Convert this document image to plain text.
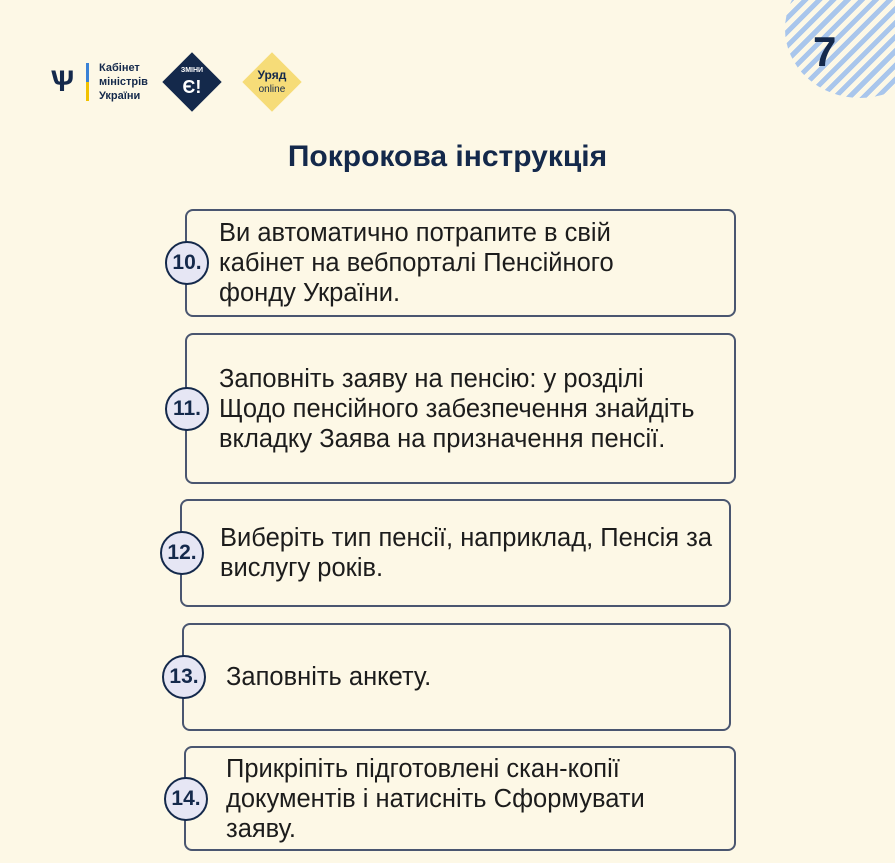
7
Ѱ Кабінет
міністрів
України
ЗМІНИ
Є!
Уряд
online
Покрокова інструкція
10.
Ви автоматично потрапите в свій кабінет на вебпорталі Пенсійного фонду України.
11.
Заповніть заяву на пенсію: у розділі Щодо пенсійного забезпечення знайдіть вкладку Заява на призначення пенсії.
12.
Виберіть тип пенсії, наприклад, Пенсія за вислугу років.
13.	Заповніть анкету.
14.
Прикріпіть підготовлені скан-копії документів і натисніть Сформувати заяву.
